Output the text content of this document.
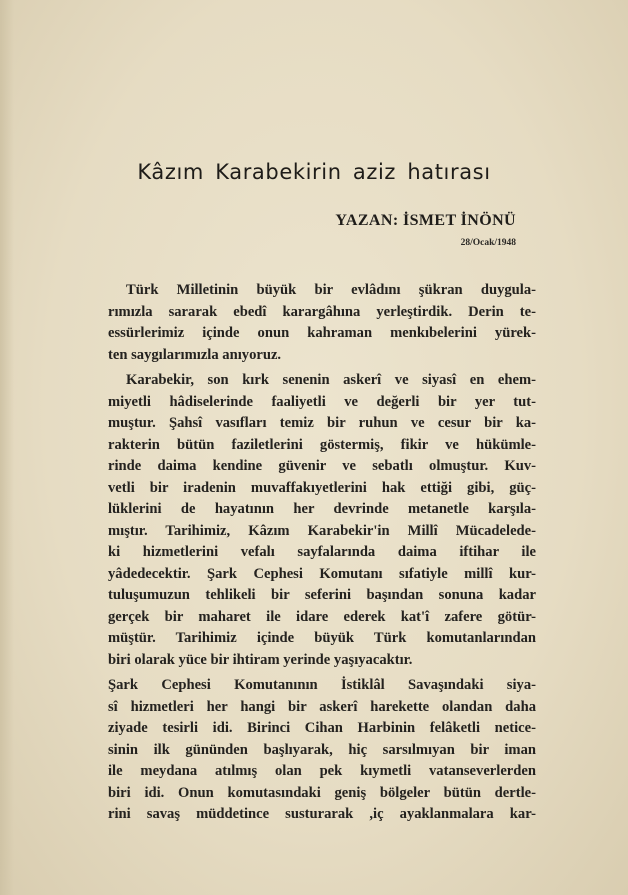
Kâzım Karabekirin aziz hatırası
YAZAN: İSMET İNÖNÜ
28/Ocak/1948

Türk Milletinin büyük bir evlâdını şükran duygula-
rımızla sararak ebedî karargâhına yerleştirdik. Derin te-
essürlerimiz içinde onun kahraman menkıbelerini yürek-
ten saygılarımızla anıyoruz.

Karabekir, son kırk senenin askerî ve siyasî en ehem-
miyetli hâdiselerinde faaliyetli ve değerli bir yer tut-
muştur. Şahsî vasıfları temiz bir ruhun ve cesur bir ka-
rakterin bütün faziletlerini göstermiş, fikir ve hükümle-
rinde daima kendine güvenir ve sebatlı olmuştur. Kuv-
vetli bir iradenin muvaffakıyetlerini hak ettiği gibi, güç-
lüklerini de hayatının her devrinde metanetle karşıla-
mıştır. Tarihimiz, Kâzım Karabekir'in Millî Mücadelede-
ki hizmetlerini vefalı sayfalarında daima iftihar ile
yâdedecektir. Şark Cephesi Komutanı sıfatiyle millî kur-
tuluşumuzun tehlikeli bir seferini başından sonuna kadar
gerçek bir maharet ile idare ederek kat'î zafere götür-
müştür. Tarihimiz içinde büyük Türk komutanlarından
biri olarak yüce bir ihtiram yerinde yaşıyacaktır.

Şark Cephesi Komutanının İstiklâl Savaşındaki siya-
sî hizmetleri her hangi bir askerî harekette olandan daha
ziyade tesirli idi. Birinci Cihan Harbinin felâketli netice-
sinin ilk gününden başlıyarak, hiç sarsılmıyan bir iman
ile meydana atılmış olan pek kıymetli vatanseverlerden
biri idi. Onun komutasındaki geniş bölgeler bütün dertle-
rini savaş müddetince susturarak ,iç ayaklanmalara kar-
